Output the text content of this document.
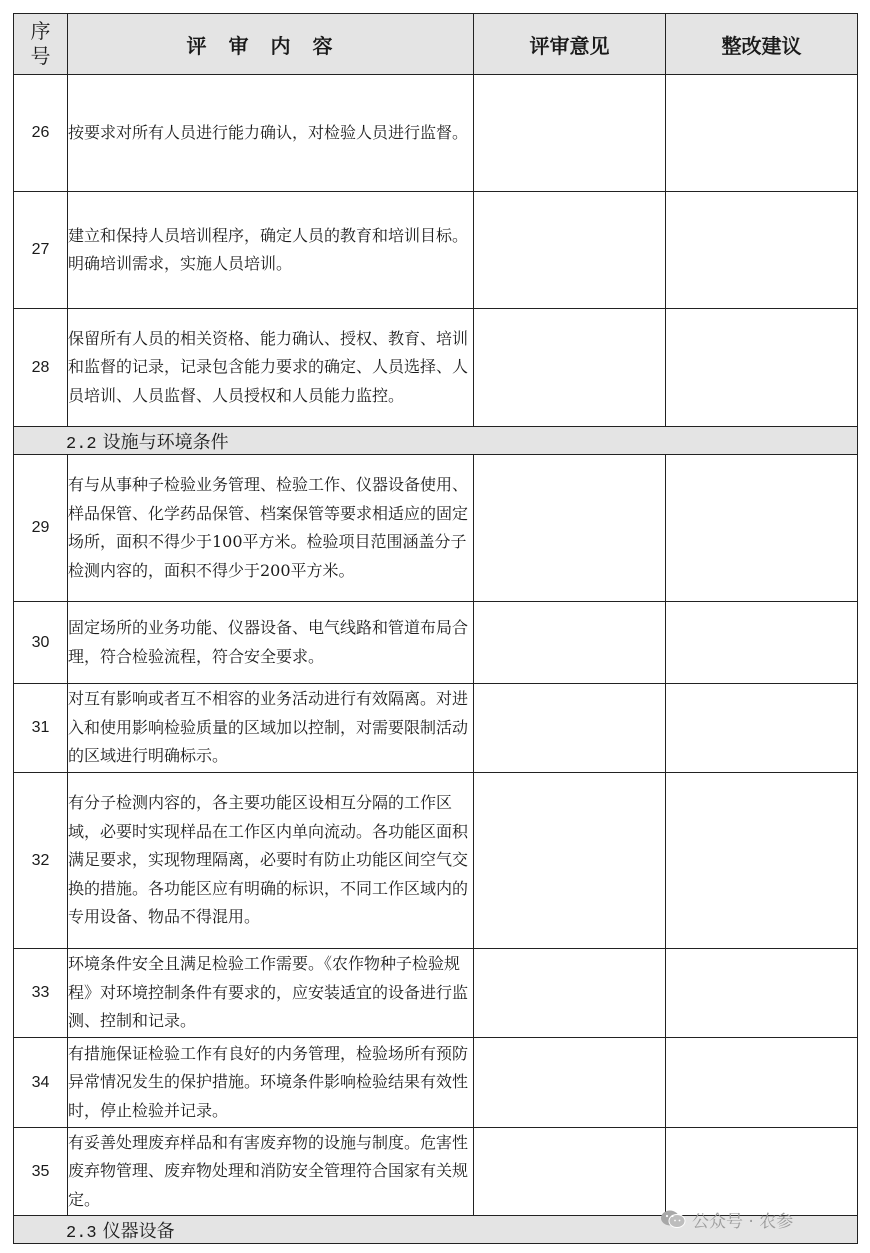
序
号	评审内容	评审意见	整改建议
26	按要求对所有人员进行能力确认，对检验人员进行监督。		
27	建立和保持人员培训程序，确定人员的教育和培训目标。明确培训需求，实施人员培训。		
28	保留所有人员的相关资格、能力确认、授权、教育、培训和监督的记录，记录包含能力要求的确定、人员选择、人员培训、人员监督、人员授权和人员能力监控。		
2.2 设施与环境条件			
29	有与从事种子检验业务管理、检验工作、仪器设备使用、样品保管、化学药品保管、档案保管等要求相适应的固定场所，面积不得少于100平方米。检验项目范围涵盖分子检测内容的，面积不得少于200平方米。		
30	固定场所的业务功能、仪器设备、电气线路和管道布局合理，符合检验流程，符合安全要求。		
31	对互有影响或者互不相容的业务活动进行有效隔离。对进入和使用影响检验质量的区域加以控制，对需要限制活动的区域进行明确标示。		
32	有分子检测内容的，各主要功能区设相互分隔的工作区域，必要时实现样品在工作区内单向流动。各功能区面积满足要求，实现物理隔离，必要时有防止功能区间空气交换的措施。各功能区应有明确的标识，不同工作区域内的专用设备、物品不得混用。		
33	环境条件安全且满足检验工作需要。《农作物种子检验规程》对环境控制条件有要求的，应安装适宜的设备进行监测、控制和记录。		
34	有措施保证检验工作有良好的内务管理，检验场所有预防异常情况发生的保护措施。环境条件影响检验结果有效性时，停止检验并记录。		
35	有妥善处理废弃样品和有害废弃物的设施与制度。危害性废弃物管理、废弃物处理和消防安全管理符合国家有关规定。		
2.3 仪器设备				公众号 · 农参
